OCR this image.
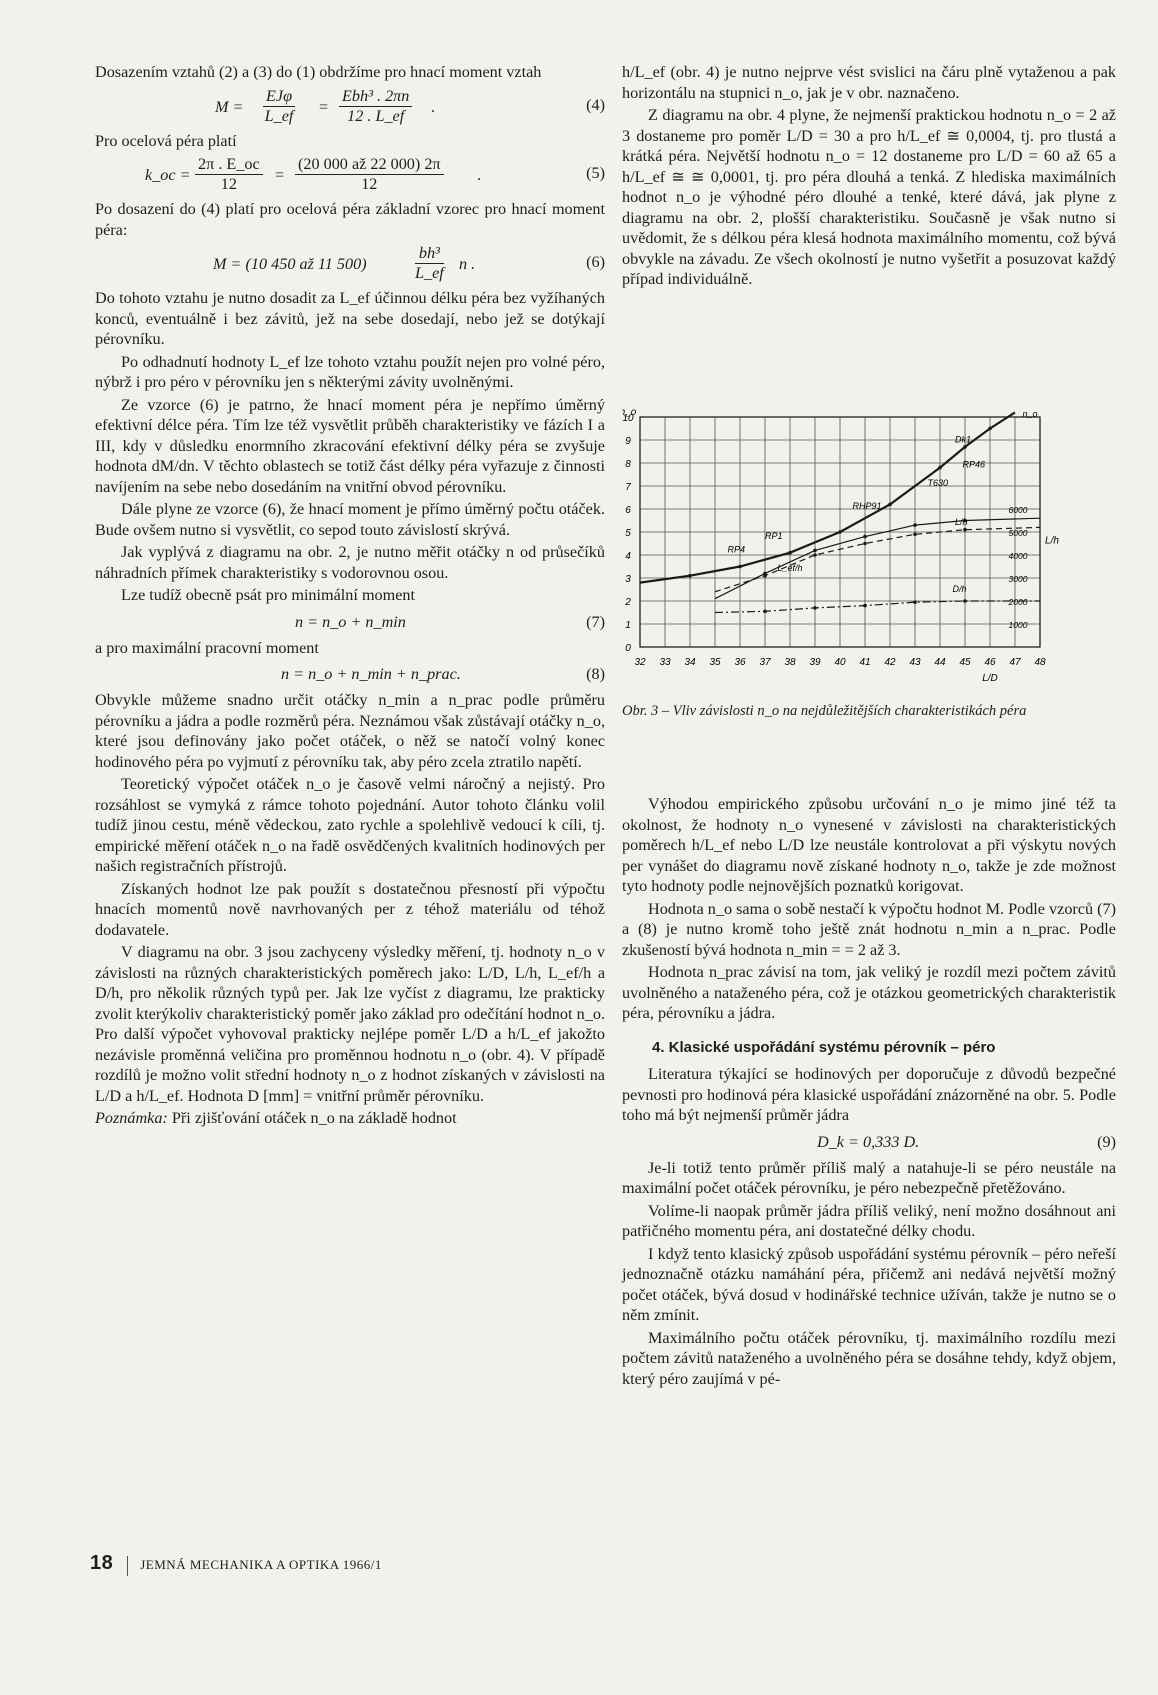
Dosazením vztahů (2) a (3) do (1) obdržíme pro hnací moment vztah

M =
EJφ
L_ef =
Ebh³ . 2πn
12 . L_ef	.	(4)

Pro ocelová péra platí

k_oc = $\frac{2\pi . E\_oc}{12} = \frac{(20 000 až 22 000) 2\pi}{12}$ .	(5)

Po dosazení do (4) platí pro ocelová péra základní vzorec pro hnací moment péra:

M = (10 450 až 11 500)	$\frac{\text{bh³}}{L\_ef}$ n .	(6)

Do tohoto vztahu je nutno dosadit za L_ef účinnou délku péra bez vyžíhaných konců, eventuálně i bez závitů, jež na sebe dosedají, nebo jež se dotýkají pérovníku.

Po odhadnutí hodnoty L_ef lze tohoto vztahu použít nejen pro volné péro, nýbrž i pro péro v pérovníku jen s některými závity uvolněnými.

Ze vzorce (6) je patrno, že hnací moment péra je nepřímo úměrný efektivní délce péra. Tím lze též vysvětlit průběh charakteristiky ve fázích I a III, kdy v důsledku enormního zkracování efektivní délky péra se zvyšuje hodnota dM/dn. V těchto oblastech se totiž část délky péra vyřazuje z činnosti navíjením na sebe nebo dosedáním na vnitřní obvod pérovníku.

Dále plyne ze vzorce (6), že hnací moment je přímo úměrný počtu otáček. Bude ovšem nutno si vysvětlit, co sepod touto závislostí skrývá.

Jak vyplývá z diagramu na obr. 2, je nutno měřit otáčky n od průsečíků náhradních přímek charakteristiky s vodorovnou osou.

Lze tudíž obecně psát pro minimální moment

n = n_o + n_min	(7)

a pro maximální pracovní moment

n = n_o + n_min + n_prac.	(8)

Obvykle můžeme snadno určit otáčky n_min a n_prac podle průměru pérovníku a jádra a podle rozměrů péra. Neznámou však zůstávají otáčky n_o, které jsou definovány jako počet otáček, o něž se natočí volný konec hodinového péra po vyjmutí z pérovníku tak, aby péro zcela ztratilo napětí.

Teoretický výpočet otáček n_o je časově velmi náročný a nejistý. Pro rozsáhlost se vymyká z rámce tohoto pojednání. Autor tohoto článku volil tudíž jinou cestu, méně vědeckou, zato rychle a spolehlivě vedoucí k cíli, tj. empirické měření otáček n_o na řadě osvědčených kvalitních hodinových per našich registračních přístrojů.

Získaných hodnot lze pak použít s dostatečnou přesností při výpočtu hnacích momentů nově navrhovaných per z téhož materiálu od téhož dodavatele.

V diagramu na obr. 3 jsou zachyceny výsledky měření, tj. hodnoty n_o v závislosti na různých charakteristických poměrech jako: L/D, L/h, L_ef/h a D/h, pro několik různých typů per. Jak lze vyčíst z diagramu, lze prakticky zvolit kterýkoliv charakteristický poměr jako základ pro odečítání hodnot n_o. Pro další výpočet vyhovoval prakticky nejlépe poměr L/D a h/L_ef jakožto nezávisle proměnná veličina pro proměnnou hodnotu n_o (obr. 4). V případě rozdílů je možno volit střední hodnoty n_o z hodnot získaných v závislosti na L/D a h/L_ef. Hodnota D [mm] = vnitřní průměr pérovníku.

Poznámka: Při zjišťování otáček n_o na základě hodnot

h/L_ef (obr. 4) je nutno nejprve vést svislici na čáru plně vytaženou a pak horizontálu na stupnici n_o, jak je v obr. naznačeno.

Z diagramu na obr. 4 plyne, že nejmenší praktickou hodnotu n_o = 2 až 3 dostaneme pro poměr L/D = 30 a pro h/L_ef ≅ 0,0004, tj. pro tlustá a krátká péra. Největší hodnotu n_o = 12 dostaneme pro L/D = 60 až 65 a h/L_ef ≅ ≅ 0,0001, tj. pro péra dlouhá a tenká. Z hlediska maximálních hodnot n_o je výhodné péro dlouhé a tenké, které dává, jak plyne z diagramu na obr. 2, plošší charakteristiku. Současně je však nutno si uvědomit, že s délkou péra klesá hodnota maximálního momentu, což bývá obvykle na závadu. Ze všech okolností je nutno vyšetřit a posuzovat každý případ individuálně.

32 33 34 35 36 37 38 39 40 41 42 43 44 45 46 47 48
0
1
2
3
4
5
6
7
8
9
10
1000
2000
3000
4000
5000
6000
_o
L/h
L/D
Dk1
RP46
T630
RHP91
RP1
RP4
L/h
L_ef/h
D/h
n_o

Obr. 3 – Vliv závislosti n_o na nejdůležitějších charakteristikách péra

Výhodou empirického způsobu určování n_o je mimo jiné též ta okolnost, že hodnoty n_o vynesené v závislosti na charakteristických poměrech h/L_ef nebo L/D lze neustále kontrolovat a při výskytu nových per vynášet do diagramu nově získané hodnoty n_o, takže je zde možnost tyto hodnoty podle nejnovějších poznatků korigovat.

Hodnota n_o sama o sobě nestačí k výpočtu hodnot M. Podle vzorců (7) a (8) je nutno kromě toho ještě znát hodnotu n_min a n_prac. Podle zkušeností bývá hodnota n_min = = 2 až 3.

Hodnota n_prac závisí na tom, jak veliký je rozdíl mezi počtem závitů uvolněného a nataženého péra, což je otázkou geometrických charakteristik péra, pérovníku a jádra.

4. Klasické uspořádání systému pérovník – péro

Literatura týkající se hodinových per doporučuje z důvodů bezpečné pevnosti pro hodinová péra klasické uspořádání znázorněné na obr. 5. Podle toho má být nejmenší průměr jádra

D_k = 0,333 D.	(9)

Je-li totiž tento průměr příliš malý a natahuje-li se péro neustále na maximální počet otáček pérovníku, je péro nebezpečně přetěžováno.

Volíme-li naopak průměr jádra příliš veliký, není možno dosáhnout ani patřičného momentu péra, ani dostatečné délky chodu.

I když tento klasický způsob uspořádání systému pérovník – péro neřeší jednoznačně otázku namáhání péra, přičemž ani nedává největší možný počet otáček, bývá dosud v hodinářské technice užíván, takže je nutno se o něm zmínit.

Maximálního počtu otáček pérovníku, tj. maximálního rozdílu mezi počtem závitů nataženého a uvolněného péra se dosáhne tehdy, když objem, který péro zaujímá v pé-

18 JEMNÁ MECHANIKA A OPTIKA 1966/1
